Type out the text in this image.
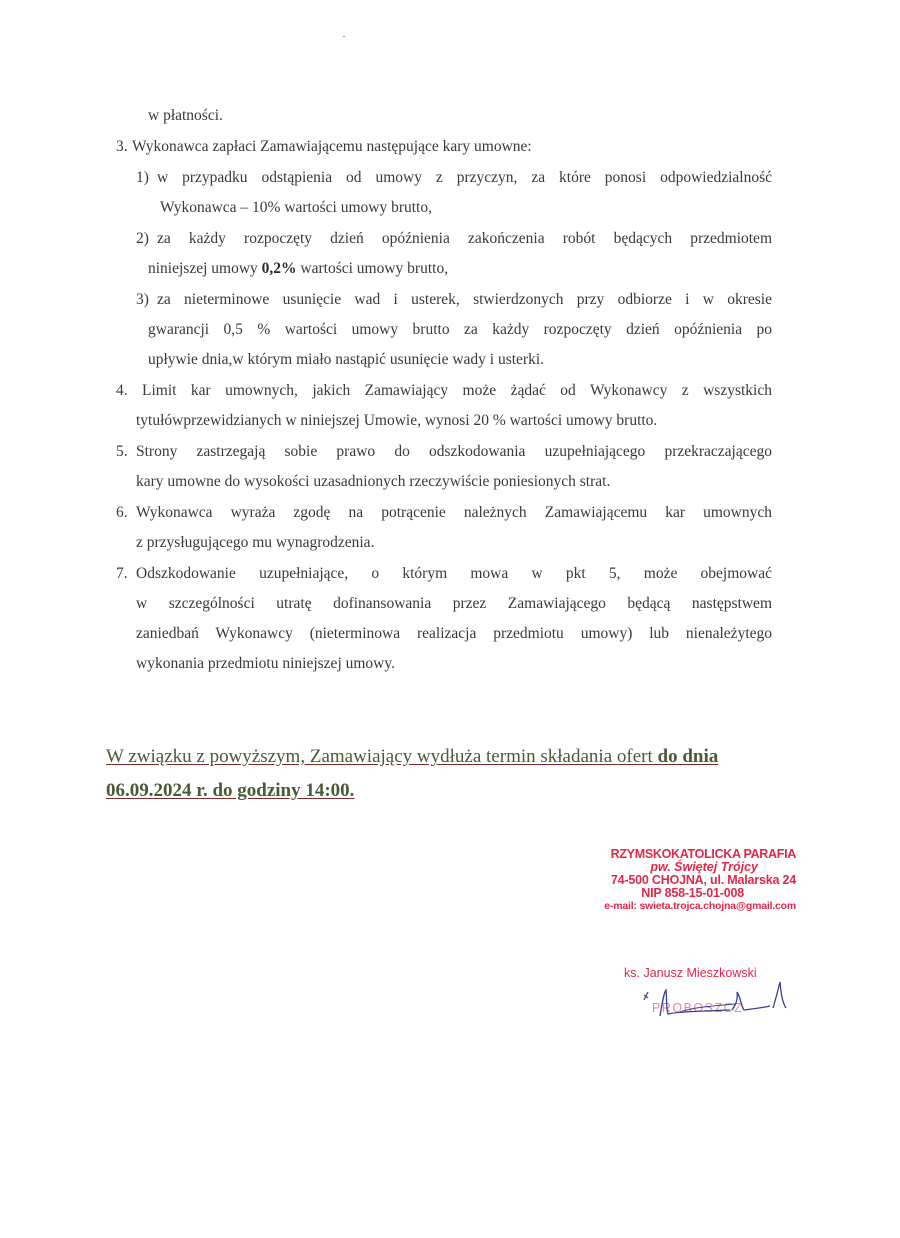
w płatności.
3. Wykonawca zapłaci Zamawiającemu następujące kary umowne:
1) w przypadku odstąpienia od umowy z przyczyn, za które ponosi odpowiedzialność
Wykonawca – 10% wartości umowy brutto,
2) za każdy rozpoczęty dzień opóźnienia zakończenia robót będących przedmiotem
niniejszej umowy 0,2% wartości umowy brutto,
3) za nieterminowe usunięcie wad i usterek, stwierdzonych przy odbiorze i w okresie
gwarancji 0,5 % wartości umowy brutto za każdy rozpoczęty dzień opóźnienia po
upływie dnia,w którym miało nastąpić usunięcie wady i usterki.
4. Limit kar umownych, jakich Zamawiający może żądać od Wykonawcy z wszystkich
tytułówprzewidzianych w niniejszej Umowie, wynosi 20 % wartości umowy brutto.
5. Strony zastrzegają sobie prawo do odszkodowania uzupełniającego przekraczającego
kary umowne do wysokości uzasadnionych rzeczywiście poniesionych strat.
6. Wykonawca wyraża zgodę na potrącenie należnych Zamawiającemu kar umownych
z przysługującego mu wynagrodzenia.
7. Odszkodowanie uzupełniające, o którym mowa w pkt 5, może obejmować
w szczególności utratę dofinansowania przez Zamawiającego będącą następstwem
zaniedbań Wykonawcy (nieterminowa realizacja przedmiotu umowy) lub nienależytego
wykonania przedmiotu niniejszej umowy.
W związku z powyższym, Zamawiający wydłuża termin składania ofert do dnia
06.09.2024 r. do godziny 14:00.
RZYMSKOKATOLICKA PARAFIA
pw. Świętej Trójcy
74-500 CHOJNA, ul. Malarska 24
NIP 858-15-01-008
e-mail: swieta.trojca.chojna@gmail.com
ks. Janusz Mieszkowski
PROBOSZCZ
